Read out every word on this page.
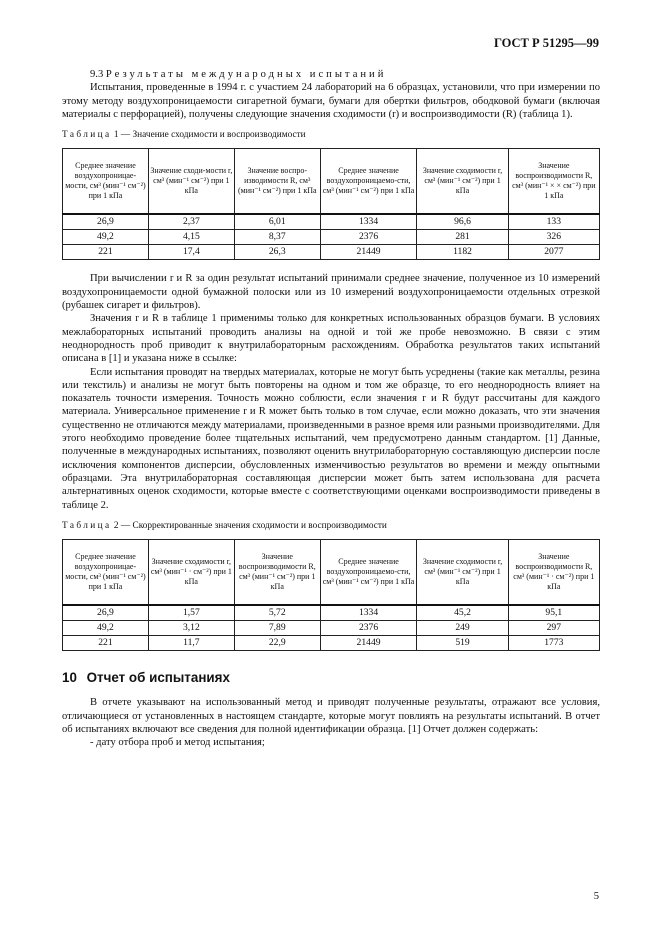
ГОСТ Р 51295—99

9.3 Результаты международных испытаний

Испытания, проведенные в 1994 г. с участием 24 лабораторий на 6 образцах, установили, что при измерении по этому методу воздухопроницаемости сигаретной бумаги, бумаги для обертки фильтров, ободковой бумаги (включая материалы с перфорацией), получены следующие значения сходимости (r) и воспроизводимости (R) (таблица 1).

Таблица 1 — Значение сходимости и воспроизводимости
Среднее значение воздухопроницае-мости, см³ (мин⁻¹ см⁻²) при 1 кПа	Значение сходи-мости r, см³ (мин⁻¹ см⁻²) при 1 кПа	Значение воспро-изводимости R, см³ (мин⁻¹ см⁻²) при 1 кПа	Среднее значение воздухопроницаемо-сти, см³ (мин⁻¹ см⁻²) при 1 кПа	Значение сходимости r, см³ (мин⁻¹ см⁻²) при 1 кПа	Значение воспроизводимости R, см³ (мин⁻¹ × × см⁻²) при 1 кПа
26,9	2,37	6,01	1334	96,6	133
49,2	4,15	8,37	2376	281	326
221	17,4	26,3	21449	1182	2077

При вычислении r и R за один результат испытаний принимали среднее значение, полученное из 10 измерений воздухопроницаемости одной бумажной полоски или из 10 измерений воздухопроницаемости отдельных отрезкой (рубашек сигарет и фильтров).

Значения r и R в таблице 1 применимы только для конкретных использованных образцов бумаги. В условиях межлабораторных испытаний проводить анализы на одной и той же пробе невозможно. В связи с этим неоднородность проб приводит к внутрилабораторным расхождениям. Обработка результатов таких испытаний описана в [1] и указана ниже в ссылке:

Если испытания проводят на твердых материалах, которые не могут быть усреднены (такие как металлы, резина или текстиль) и анализы не могут быть повторены на одном и том же образце, то его неоднородность влияет на показатель точности измерения. Точность можно соблюсти, если значения r и R будут рассчитаны для каждого материала. Универсальное применение r и R может быть только в том случае, если можно доказать, что эти значения существенно не отличаются между материалами, произведенными в разное время или разными производителями. Для этого необходимо проведение более тщательных испытаний, чем предусмотрено данным стандартом. [1] Данные, полученные в международных испытаниях, позволяют оценить внутрилабораторную составляющую дисперсии после исключения компонентов дисперсии, обусловленных изменчивостью результатов во времени и между опытными образцами. Эта внутрилабораторная составляющая дисперсии может быть затем использована для расчета альтернативных оценок сходимости, которые вместе с соответствующими оценками воспроизводимости приведены в таблице 2.

Таблица 2 — Скорректированные значения сходимости и воспроизводимости
Среднее значение воздухопроницае-мости, см³ (мин⁻¹ см⁻²) при 1 кПа	Значение сходимости r, см³ (мин⁻¹ · см⁻²) при 1 кПа	Значение воспроизводимости R, см³ (мин⁻¹ см⁻²) при 1 кПа	Среднее значение воздухопроницаемо-сти, см³ (мин⁻¹ см⁻²) при 1 кПа	Значение сходимости r, см³ (мин⁻¹ см⁻²) при 1 кПа	Значение воспроизводимости R, см³ (мин⁻¹ · см⁻²) при 1 кПа
26,9	1,57	5,72	1334	45,2	95,1
49,2	3,12	7,89	2376	249	297
221	11,7	22,9	21449	519	1773
10 Отчет об испытаниях

В отчете указывают на использованный метод и приводят полученные результаты, отражают все условия, отличающиеся от установленных в настоящем стандарте, которые могут повлиять на результаты испытаний. В отчет об испытаниях включают все сведения для полной идентификации образца. [1] Отчет должен содержать:

- дату отбора проб и метод испытания;

5
